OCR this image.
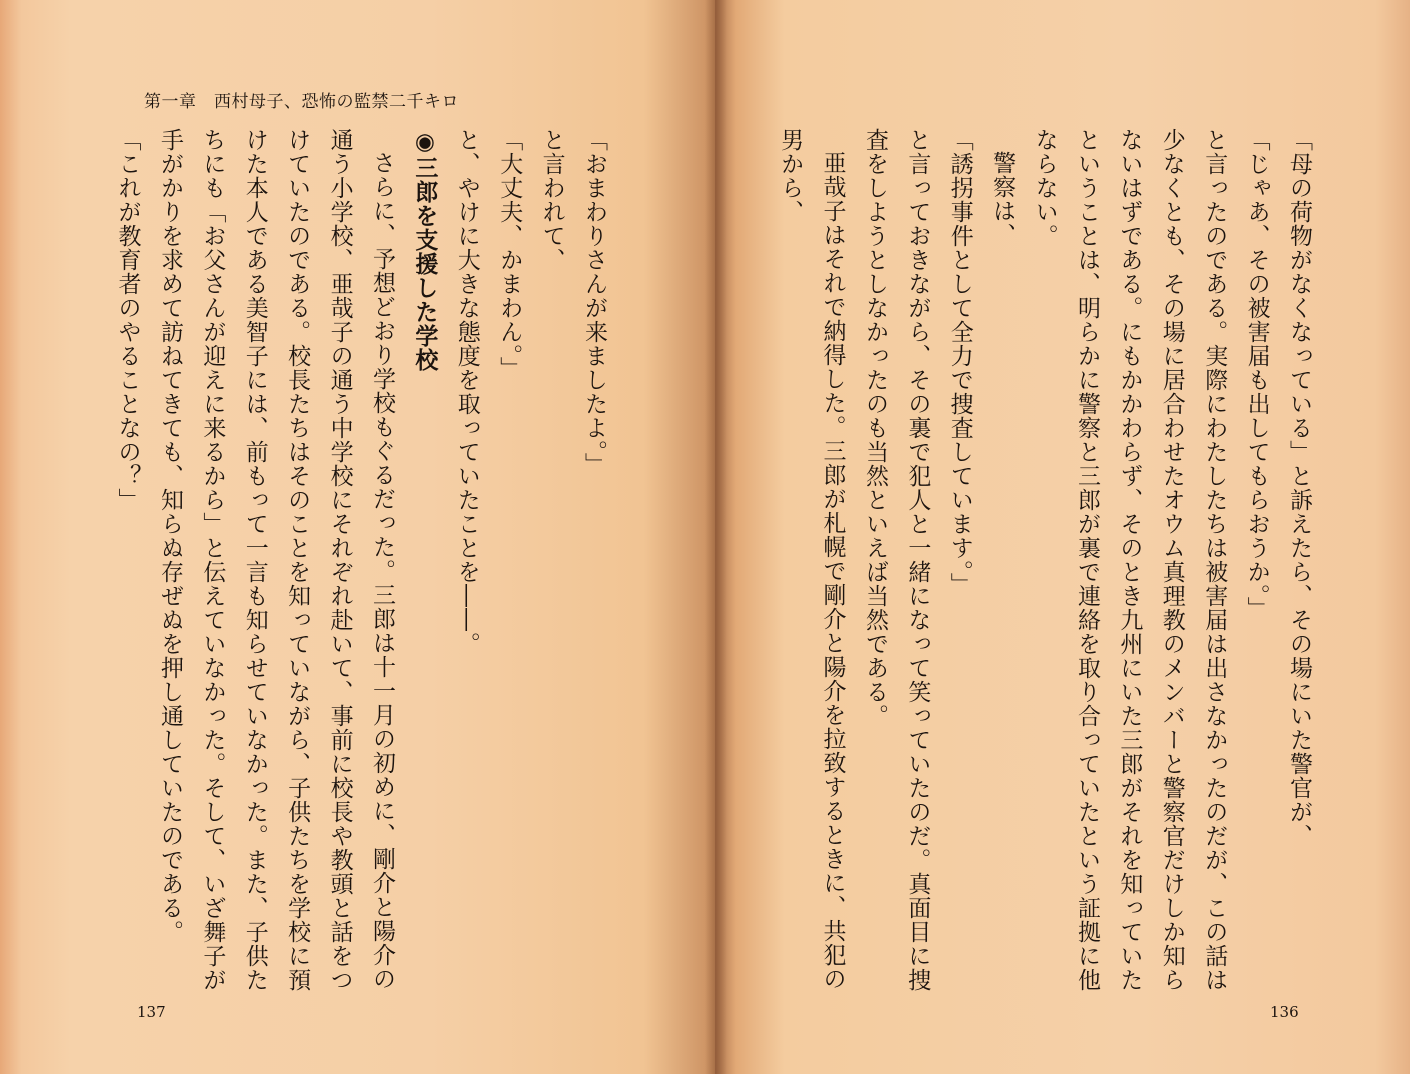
第一章　西村母子、恐怖の監禁二千キロ
「おまわりさんが来ましたよ。」
と言われて、
「大丈夫、かまわん。」
と、やけに大きな態度を取っていたことを――。
◉三郎を支援した学校
さらに、予想どおり学校もぐるだった。三郎は十一月の初めに、剛介と陽介の
通う小学校、亜哉子の通う中学校にそれぞれ赴いて、事前に校長や教頭と話をつ
けていたのである。校長たちはそのことを知っていながら、子供たちを学校に預
けた本人である美智子には、前もって一言も知らせていなかった。また、子供た
ちにも「お父さんが迎えに来るから」と伝えていなかった。そして、いざ舞子が
手がかりを求めて訪ねてきても、知らぬ存ぜぬを押し通していたのである。
「これが教育者のやることなの？」
137
「母の荷物がなくなっている」と訴えたら、その場にいた警官が、
「じゃあ、その被害届も出してもらおうか。」
と言ったのである。実際にわたしたちは被害届は出さなかったのだが、この話は
少なくとも、その場に居合わせたオウム真理教のメンバーと警察官だけしか知ら
ないはずである。にもかかわらず、そのとき九州にいた三郎がそれを知っていた
ということは、明らかに警察と三郎が裏で連絡を取り合っていたという証拠に他
ならない。
警察は、
「誘拐事件として全力で捜査しています。」
と言っておきながら、その裏で犯人と一緒になって笑っていたのだ。真面目に捜
査をしようとしなかったのも当然といえば当然である。
亜哉子はそれで納得した。三郎が札幌で剛介と陽介を拉致するときに、共犯の
男から、
136
